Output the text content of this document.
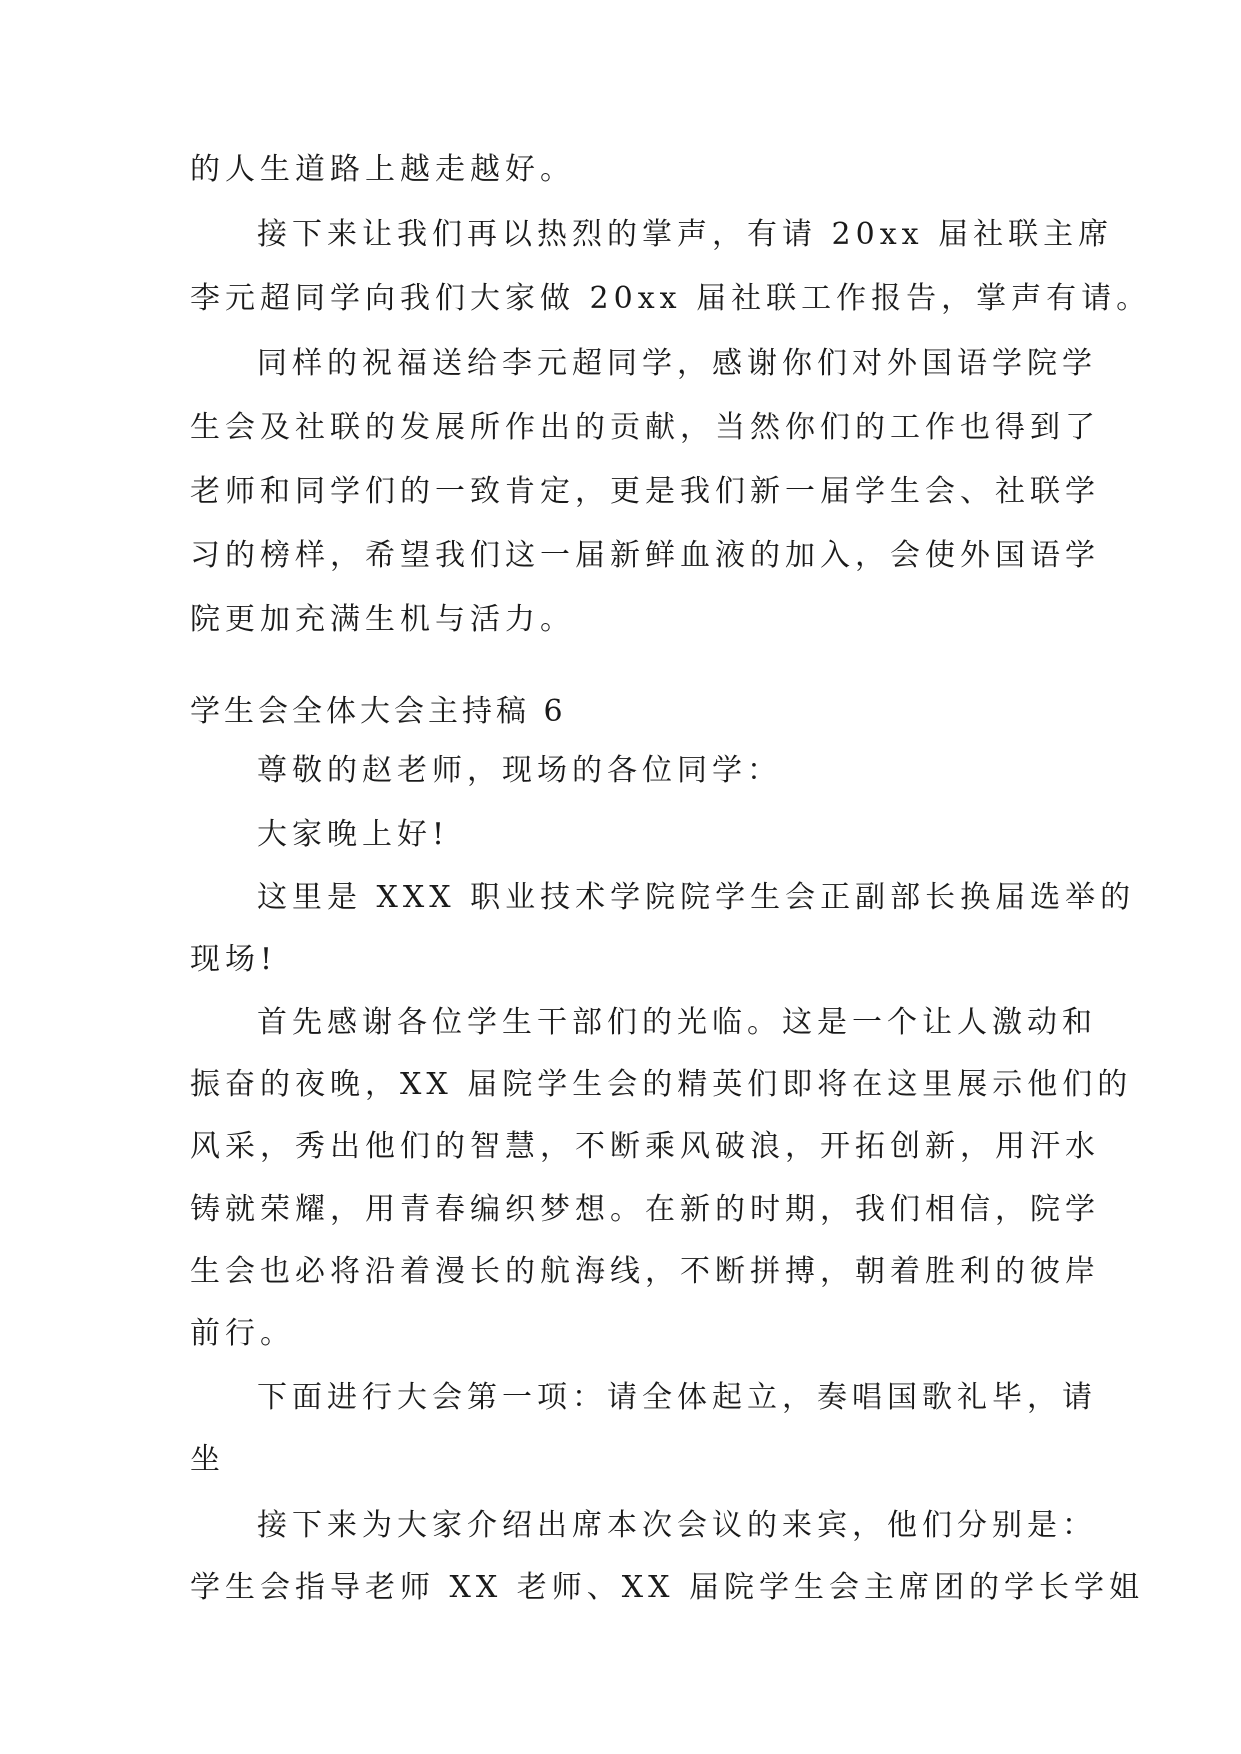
的人生道路上越走越好。
接下来让我们再以热烈的掌声，有请 20xx 届社联主席
李元超同学向我们大家做 20xx 届社联工作报告，掌声有请。
同样的祝福送给李元超同学，感谢你们对外国语学院学
生会及社联的发展所作出的贡献，当然你们的工作也得到了
老师和同学们的一致肯定，更是我们新一届学生会、社联学
习的榜样，希望我们这一届新鲜血液的加入，会使外国语学
院更加充满生机与活力。
学生会全体大会主持稿 6
尊敬的赵老师，现场的各位同学：
大家晚上好!
这里是 XXX 职业技术学院院学生会正副部长换届选举的
现场!
首先感谢各位学生干部们的光临。这是一个让人激动和
振奋的夜晚，XX 届院学生会的精英们即将在这里展示他们的
风采，秀出他们的智慧，不断乘风破浪，开拓创新，用汗水
铸就荣耀，用青春编织梦想。在新的时期，我们相信，院学
生会也必将沿着漫长的航海线，不断拼搏，朝着胜利的彼岸
前行。
下面进行大会第一项：请全体起立，奏唱国歌礼毕，请
坐
接下来为大家介绍出席本次会议的来宾，他们分别是：
学生会指导老师 XX 老师、XX 届院学生会主席团的学长学姐
